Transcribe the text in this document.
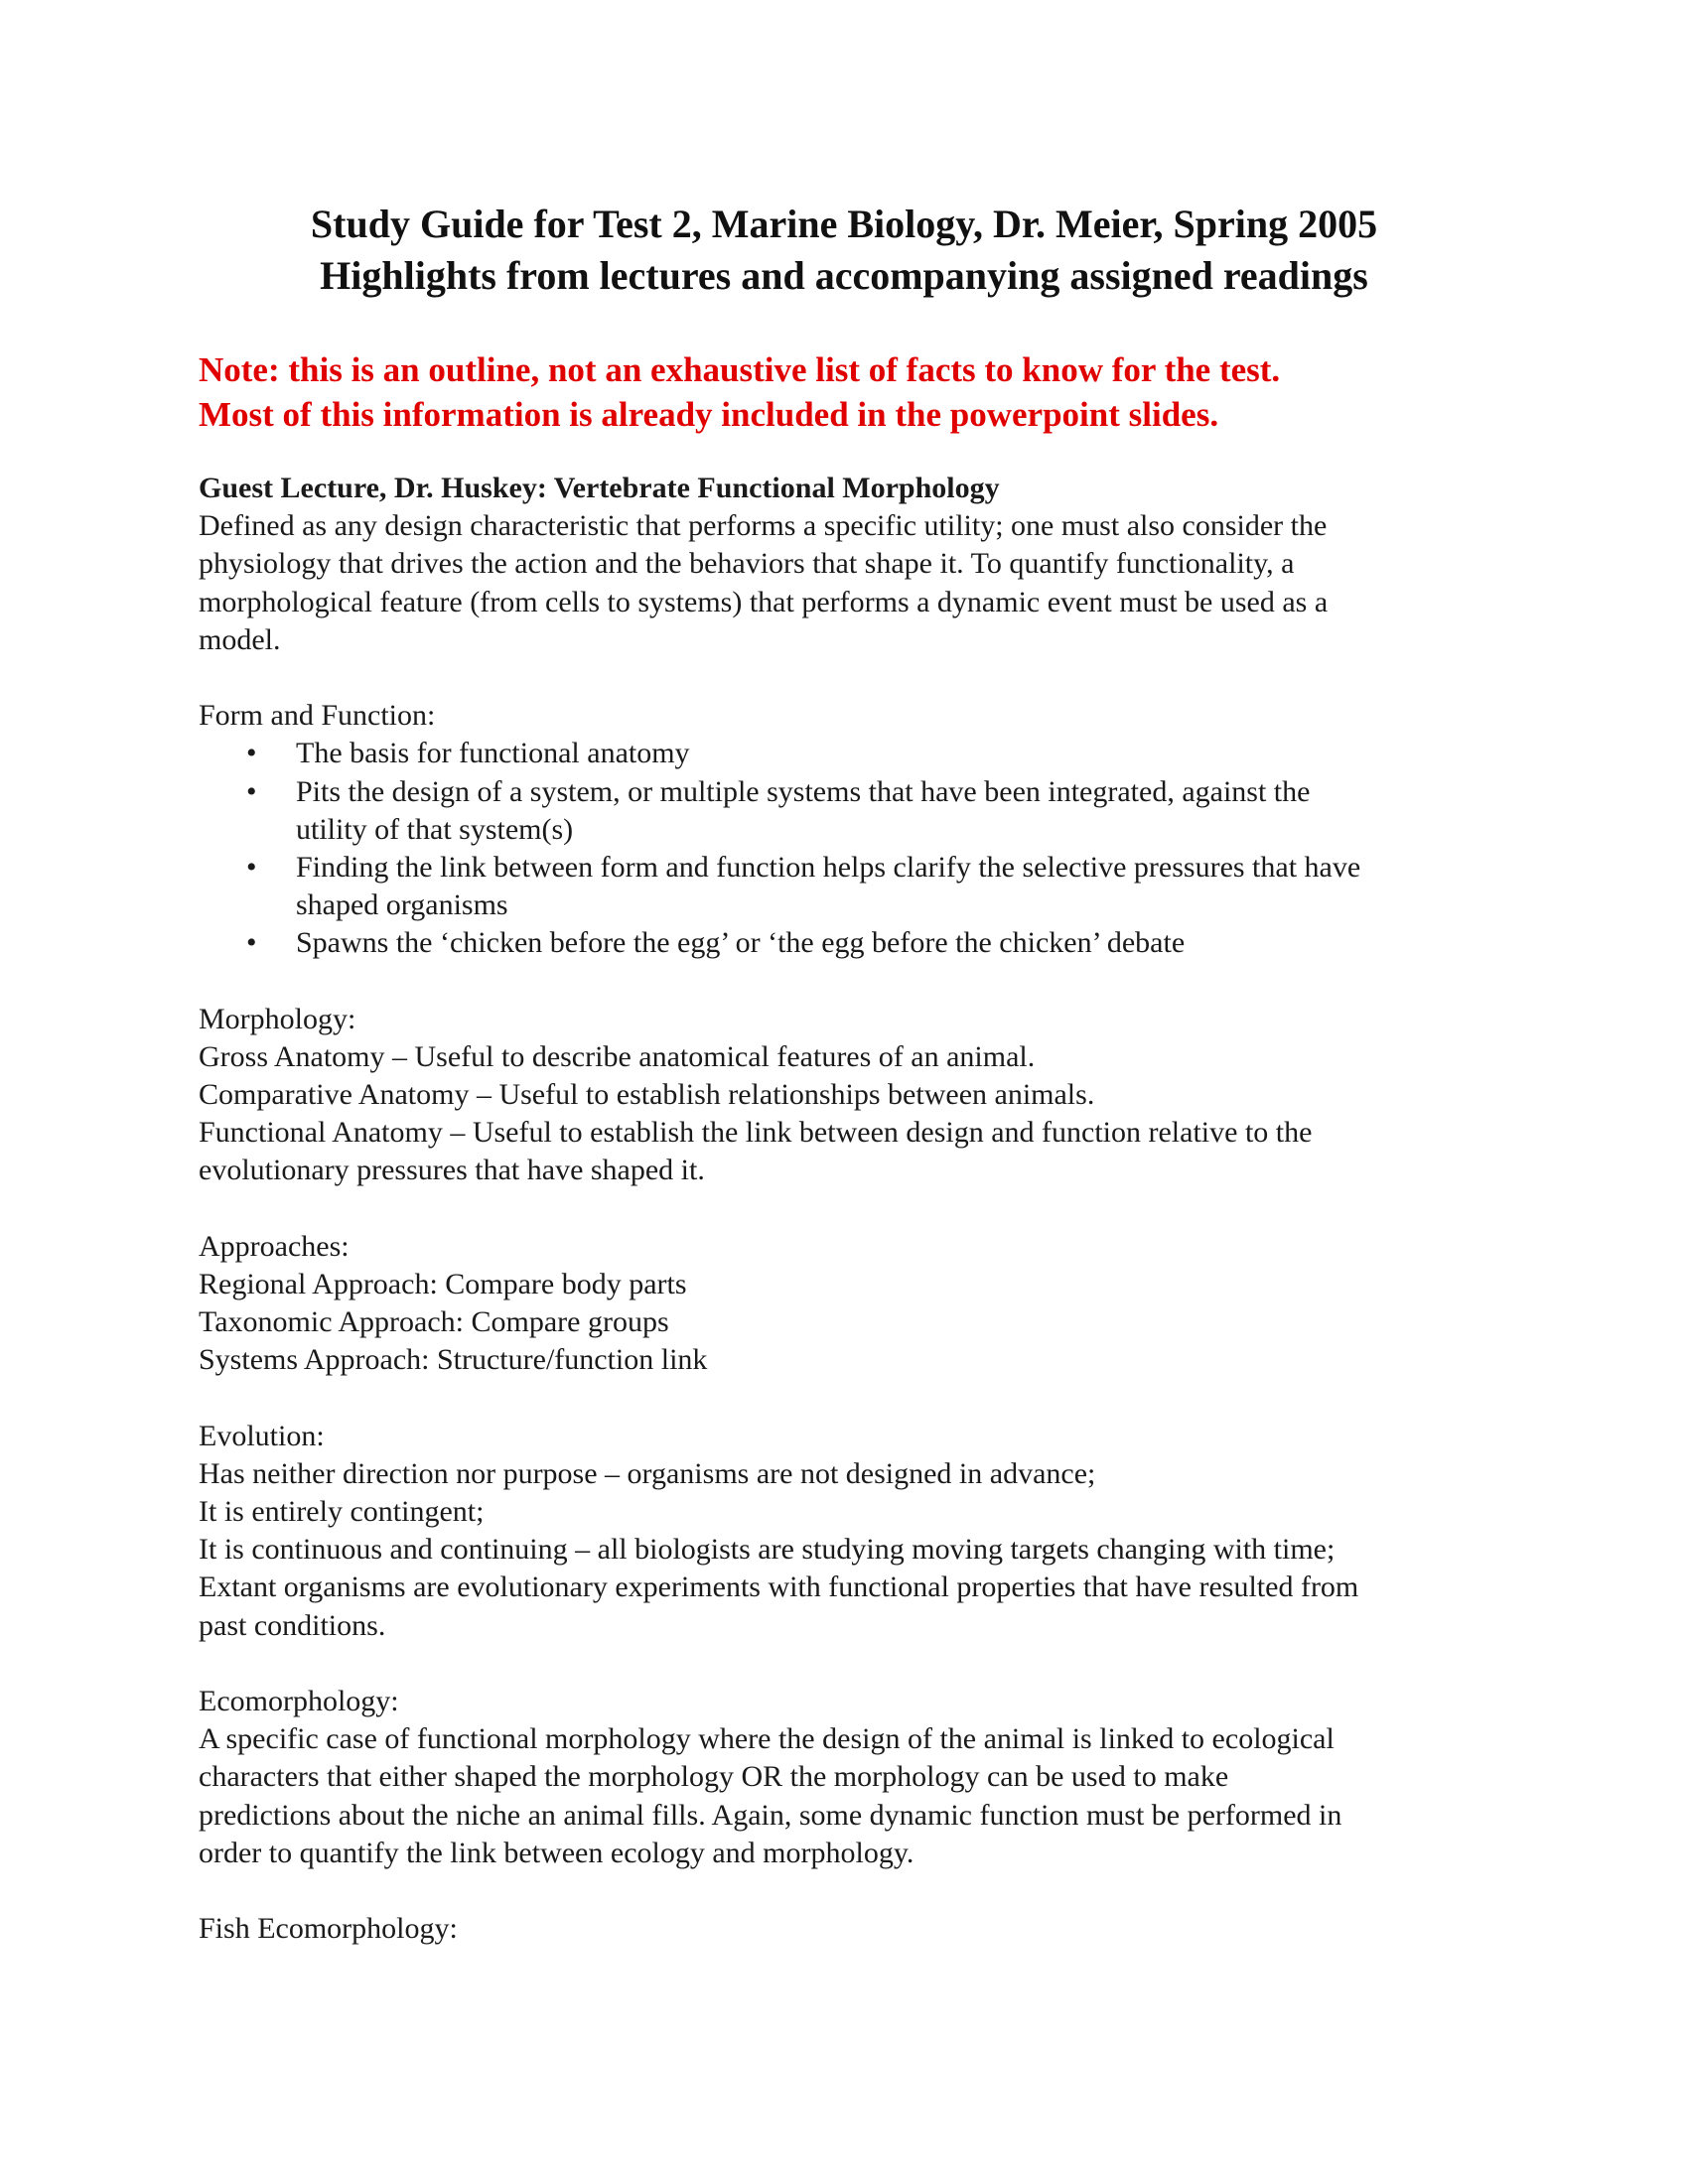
Study Guide for Test 2, Marine Biology, Dr. Meier, Spring 2005
Highlights from lectures and accompanying assigned readings
Note: this is an outline, not an exhaustive list of facts to know for the test.
Most of this information is already included in the powerpoint slides.
Guest Lecture, Dr. Huskey: Vertebrate Functional Morphology
Defined as any design characteristic that performs a specific utility; one must also consider the
physiology that drives the action and the behaviors that shape it. To quantify functionality, a
morphological feature (from cells to systems) that performs a dynamic event must be used as a
model.
Form and Function:
• The basis for functional anatomy
• Pits the design of a system, or multiple systems that have been integrated, against the
utility of that system(s)
• Finding the link between form and function helps clarify the selective pressures that have
shaped organisms
• Spawns the ‘chicken before the egg’ or ‘the egg before the chicken’ debate
Morphology:
Gross Anatomy – Useful to describe anatomical features of an animal.
Comparative Anatomy – Useful to establish relationships between animals.
Functional Anatomy – Useful to establish the link between design and function relative to the
evolutionary pressures that have shaped it.
Approaches:
Regional Approach: Compare body parts
Taxonomic Approach: Compare groups
Systems Approach: Structure/function link
Evolution:
Has neither direction nor purpose – organisms are not designed in advance;
It is entirely contingent;
It is continuous and continuing – all biologists are studying moving targets changing with time;
Extant organisms are evolutionary experiments with functional properties that have resulted from
past conditions.
Ecomorphology:
A specific case of functional morphology where the design of the animal is linked to ecological
characters that either shaped the morphology OR the morphology can be used to make
predictions about the niche an animal fills. Again, some dynamic function must be performed in
order to quantify the link between ecology and morphology.
Fish Ecomorphology:
